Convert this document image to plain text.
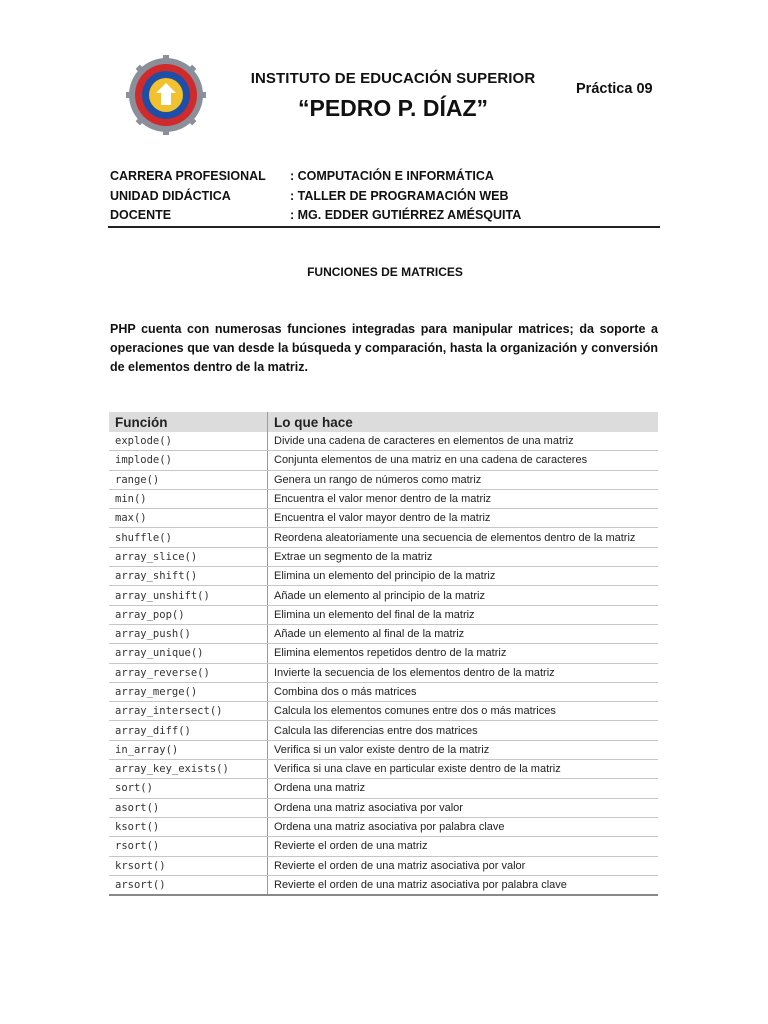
INSTITUTO DE EDUCACIÓN SUPERIOR
“PEDRO P. DÍAZ”
Práctica 09
CARRERA PROFESIONAL	: COMPUTACIÓN E INFORMÁTICA
UNIDAD DIDÁCTICA	: TALLER DE PROGRAMACIÓN WEB
DOCENTE	: MG. EDDER GUTIÉRREZ AMÉSQUITA
FUNCIONES DE MATRICES
PHP cuenta con numerosas funciones integradas para manipular matrices; da soporte a operaciones que van desde la búsqueda y comparación, hasta la organización y conversión de elementos dentro de la matriz.
Función	Lo que hace
explode()	Divide una cadena de caracteres en elementos de una matriz
implode()	Conjunta elementos de una matriz en una cadena de caracteres
range()	Genera un rango de números como matriz
min()	Encuentra el valor menor dentro de la matriz
max()	Encuentra el valor mayor dentro de la matriz
shuffle()	Reordena aleatoriamente una secuencia de elementos dentro de la matriz
array_slice()	Extrae un segmento de la matriz
array_shift()	Elimina un elemento del principio de la matriz
array_unshift()	Añade un elemento al principio de la matriz
array_pop()	Elimina un elemento del final de la matriz
array_push()	Añade un elemento al final de la matriz
array_unique()	Elimina elementos repetidos dentro de la matriz
array_reverse()	Invierte la secuencia de los elementos dentro de la matriz
array_merge()	Combina dos o más matrices
array_intersect()	Calcula los elementos comunes entre dos o más matrices
array_diff()	Calcula las diferencias entre dos matrices
in_array()	Verifica si un valor existe dentro de la matriz
array_key_exists()	Verifica si una clave en particular existe dentro de la matriz
sort()	Ordena una matriz
asort()	Ordena una matriz asociativa por valor
ksort()	Ordena una matriz asociativa por palabra clave
rsort()	Revierte el orden de una matriz
krsort()	Revierte el orden de una matriz asociativa por valor
arsort()	Revierte el orden de una matriz asociativa por palabra clave
